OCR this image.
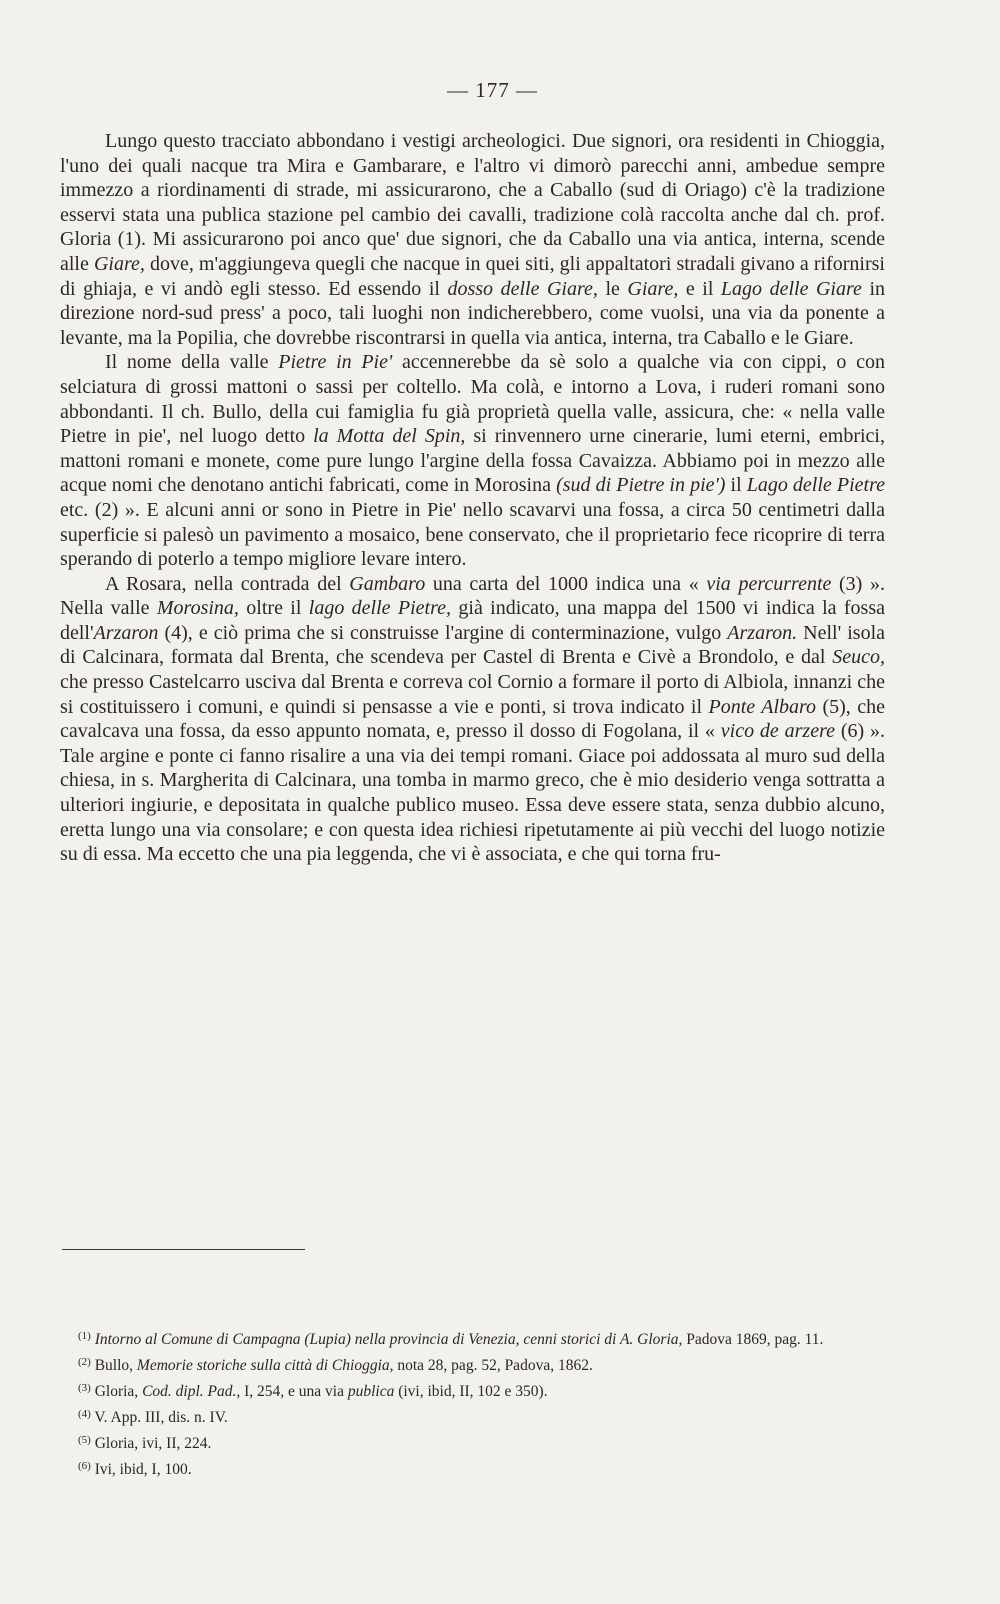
— 177 —

Lungo questo tracciato abbondano i vestigi archeologici. Due signori, ora residenti in Chioggia, l'uno dei quali nacque tra Mira e Gambarare, e l'altro vi dimorò parecchi anni, ambedue sempre immezzo a riordinamenti di strade, mi assicurarono, che a Caballo (sud di Oriago) c'è la tradizione esservi stata una publica stazione pel cambio dei cavalli, tradizione colà raccolta anche dal ch. prof. Gloria (1). Mi assicurarono poi anco que' due signori, che da Caballo una via antica, interna, scende alle Giare, dove, m'aggiungeva quegli che nacque in quei siti, gli appaltatori stradali givano a rifornirsi di ghiaja, e vi andò egli stesso. Ed essendo il dosso delle Giare, le Giare, e il Lago delle Giare in direzione nord-sud press' a poco, tali luoghi non indicherebbero, come vuolsi, una via da ponente a levante, ma la Popilia, che dovrebbe riscontrarsi in quella via antica, interna, tra Caballo e le Giare.

Il nome della valle Pietre in Pie' accennerebbe da sè solo a qualche via con cippi, o con selciatura di grossi mattoni o sassi per coltello. Ma colà, e intorno a Lova, i ruderi romani sono abbondanti. Il ch. Bullo, della cui famiglia fu già proprietà quella valle, assicura, che: « nella valle Pietre in pie', nel luogo detto la Motta del Spin, si rinvennero urne cinerarie, lumi eterni, embrici, mattoni romani e monete, come pure lungo l'argine della fossa Cavaizza. Abbiamo poi in mezzo alle acque nomi che denotano antichi fabricati, come in Morosina (sud di Pietre in pie') il Lago delle Pietre etc. (2) ». E alcuni anni or sono in Pietre in Pie' nello scavarvi una fossa, a circa 50 centimetri dalla superficie si palesò un pavimento a mosaico, bene conservato, che il proprietario fece ricoprire di terra sperando di poterlo a tempo migliore levare intero.

A Rosara, nella contrada del Gambaro una carta del 1000 indica una « via percurrente (3) ». Nella valle Morosina, oltre il lago delle Pietre, già indicato, una mappa del 1500 vi indica la fossa dell'Arzaron (4), e ciò prima che si construisse l'argine di conterminazione, vulgo Arzaron. Nell' isola di Calcinara, formata dal Brenta, che scendeva per Castel di Brenta e Civè a Brondolo, e dal Seuco, che presso Castelcarro usciva dal Brenta e correva col Cornio a formare il porto di Albiola, innanzi che si costituissero i comuni, e quindi si pensasse a vie e ponti, si trova indicato il Ponte Albaro (5), che cavalcava una fossa, da esso appunto nomata, e, presso il dosso di Fogolana, il « vico de arzere (6) ». Tale argine e ponte ci fanno risalire a una via dei tempi romani. Giace poi addossata al muro sud della chiesa, in s. Margherita di Calcinara, una tomba in marmo greco, che è mio desiderio venga sottratta a ulteriori ingiurie, e depositata in qualche publico museo. Essa deve essere stata, senza dubbio alcuno, eretta lungo una via consolare; e con questa idea richiesi ripetutamente ai più vecchi del luogo notizie su di essa. Ma eccetto che una pia leggenda, che vi è associata, e che qui torna fru-

$^{(1)}$ Intorno al Comune di Campagna (Lupia) nella provincia di Venezia, cenni storici di A. Gloria, Padova 1869, pag. 11.

$^{(2)}$ Bullo, Memorie storiche sulla città di Chioggia, nota 28, pag. 52, Padova, 1862.

$^{(3)}$ Gloria, Cod. dipl. Pad., I, 254, e una via publica (ivi, ibid, II, 102 e 350).

$^{(4)}$ V. App. III, dis. n. IV.

$^{(5)}$ Gloria, ivi, II, 224.

$^{(6)}$ Ivi, ibid, I, 100.
